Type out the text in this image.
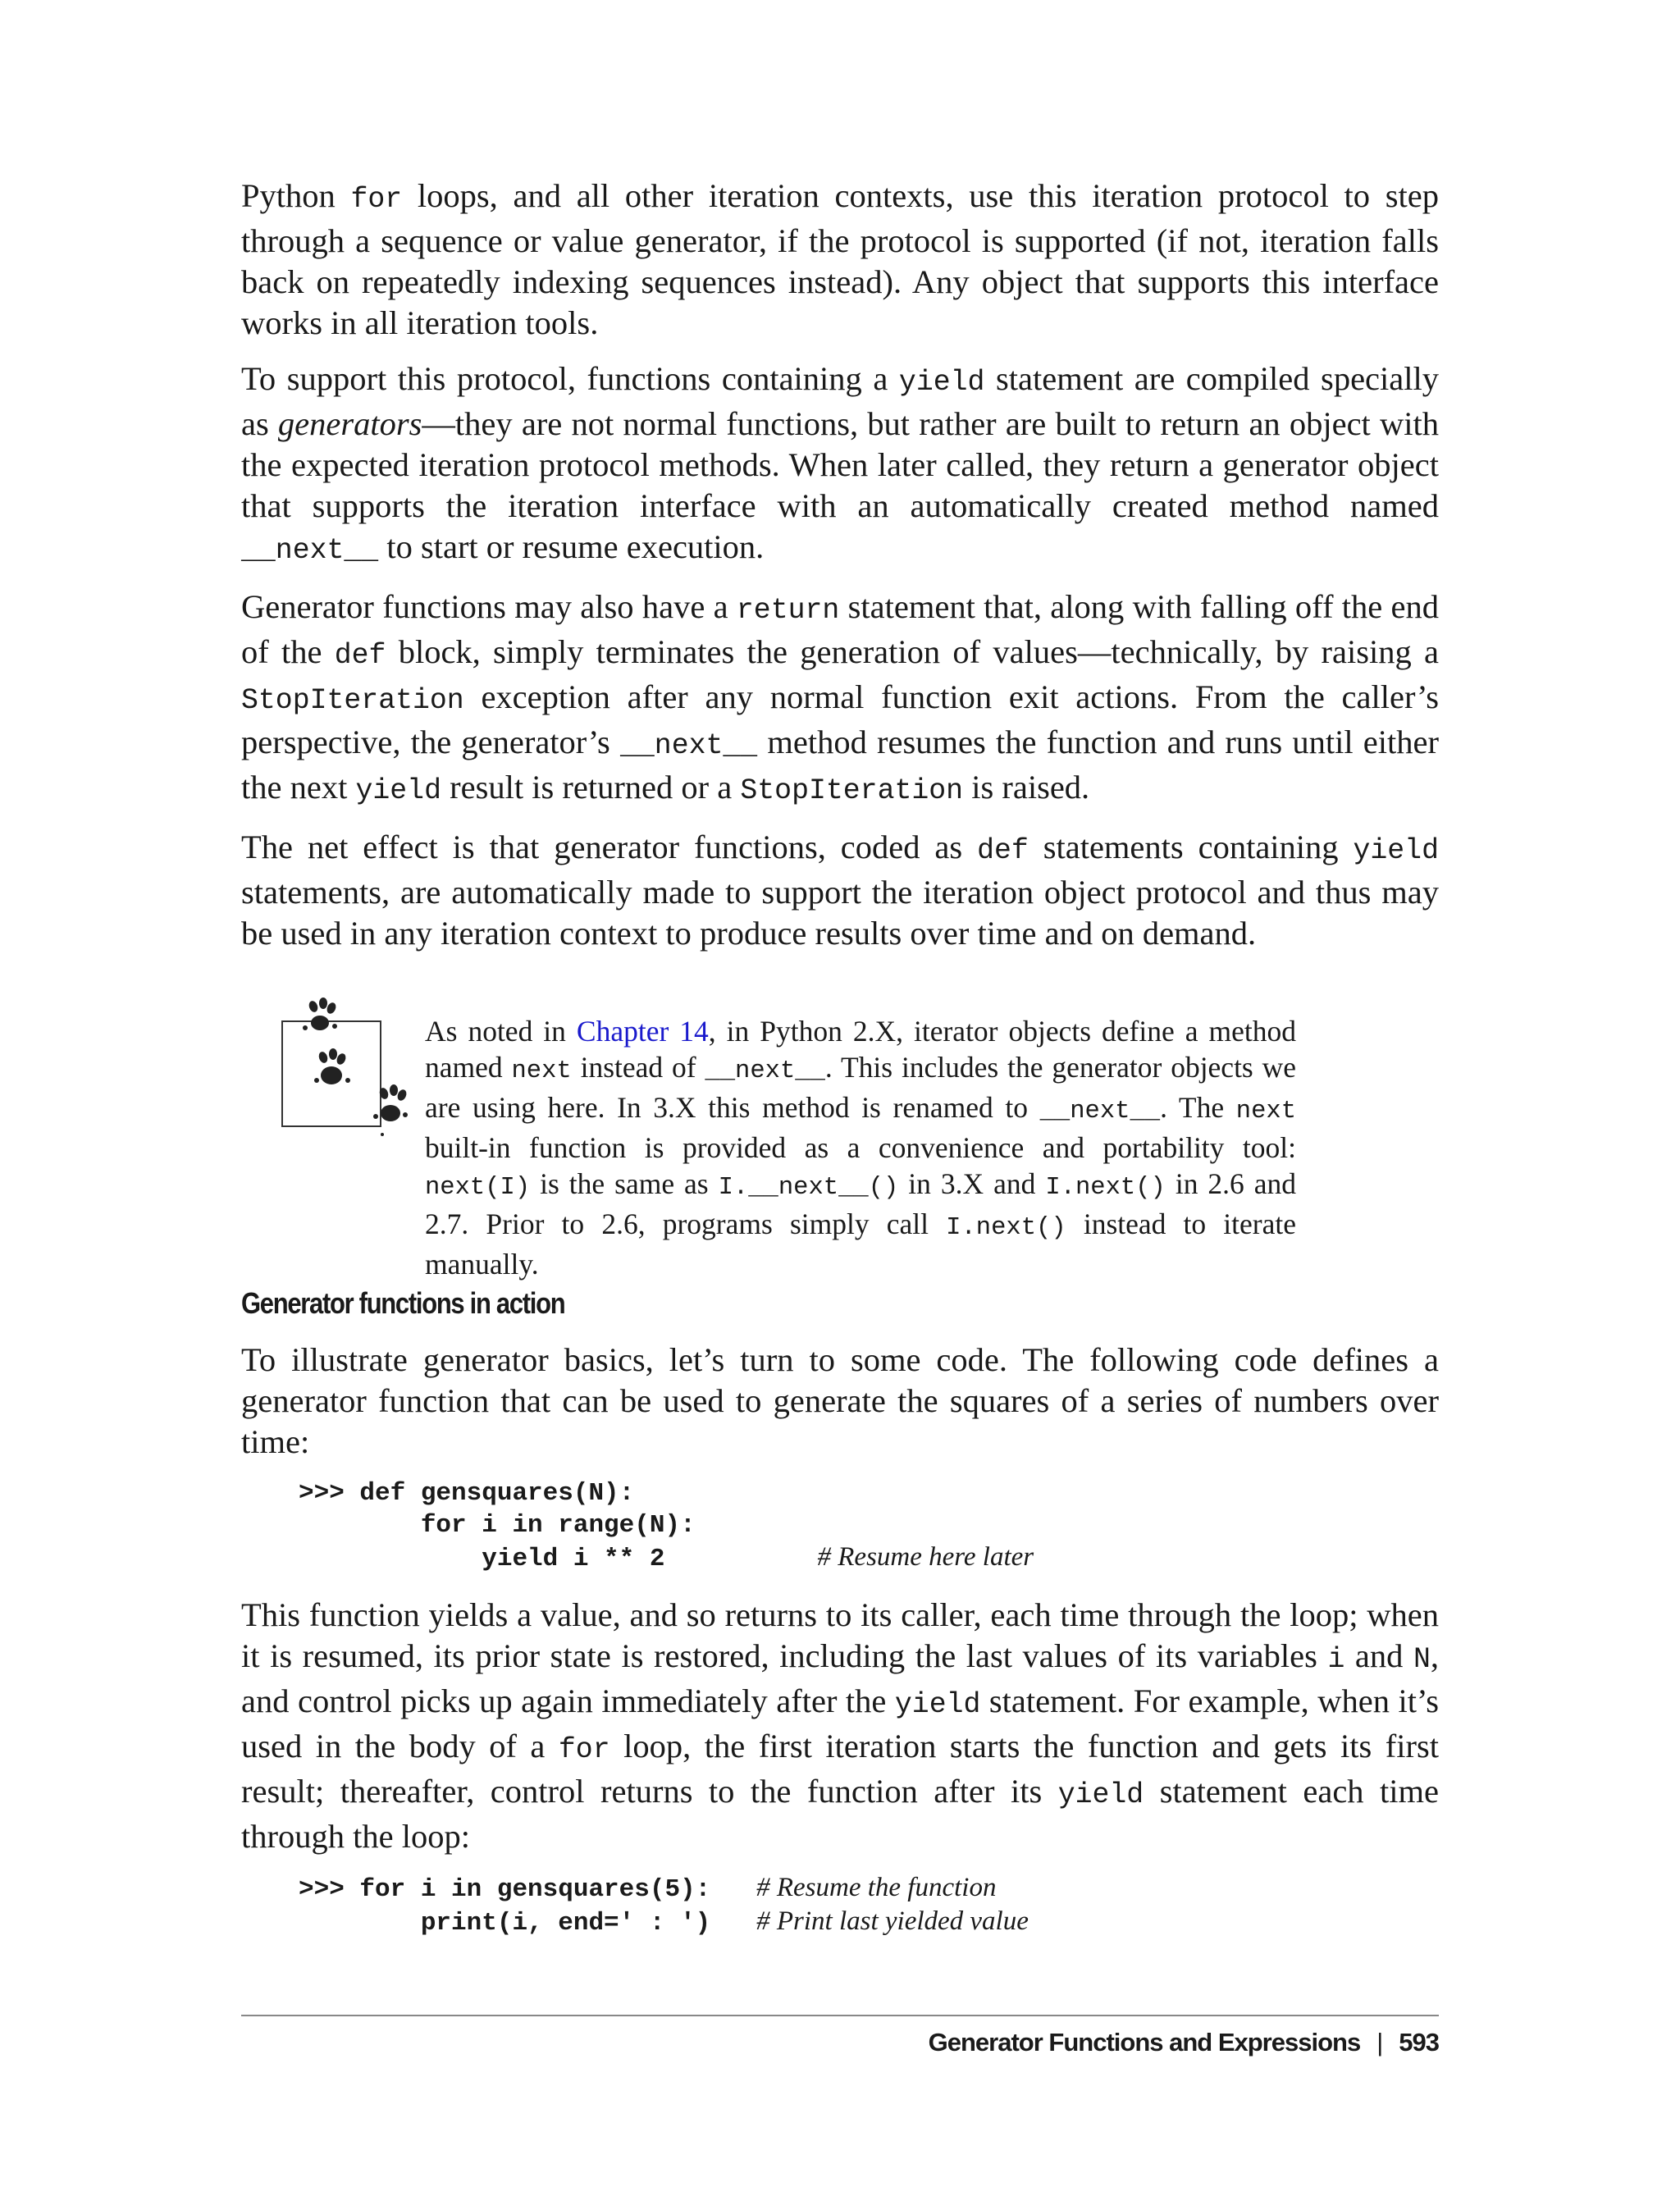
Python for loops, and all other iteration contexts, use this iteration protocol to step through a sequence or value generator, if the protocol is supported (if not, iteration falls back on repeatedly indexing sequences instead). Any object that supports this interface works in all iteration tools.

To support this protocol, functions containing a yield statement are compiled specially as generators—they are not normal functions, but rather are built to return an object with the expected iteration protocol methods. When later called, they return a generator object that supports the iteration interface with an automatically created method named __next__ to start or resume execution.

Generator functions may also have a return statement that, along with falling off the end of the def block, simply terminates the generation of values—technically, by raising a StopIteration exception after any normal function exit actions. From the caller’s perspective, the generator’s __next__ method resumes the function and runs until either the next yield result is returned or a StopIteration is raised.

The net effect is that generator functions, coded as def statements containing yield statements, are automatically made to support the iteration object protocol and thus may be used in any iteration context to produce results over time and on demand.

As noted in Chapter 14, in Python 2.X, iterator objects define a method named next instead of __next__. This includes the generator objects we are using here. In 3.X this method is renamed to __next__. The next built-in function is provided as a convenience and portability tool: next(I) is the same as I.__next__() in 3.X and I.next() in 2.6 and 2.7. Prior to 2.6, programs simply call I.next() instead to iterate manually.
Generator functions in action

To illustrate generator basics, let’s turn to some code. The following code defines a generator function that can be used to generate the squares of a series of numbers over time:

>>> def gensquares(N):
for i in range(N):
yield i ** 2	# Resume here later

This function yields a value, and so returns to its caller, each time through the loop; when it is resumed, its prior state is restored, including the last values of its variables i and N, and control picks up again immediately after the yield statement. For example, when it’s used in the body of a for loop, the first iteration starts the function and gets its first result; thereafter, control returns to the function after its yield statement each time through the loop:

>>> for i in gensquares(5): # Resume the function
print(i, end=' : ') # Print last yielded value
Generator Functions and Expressions | 593
